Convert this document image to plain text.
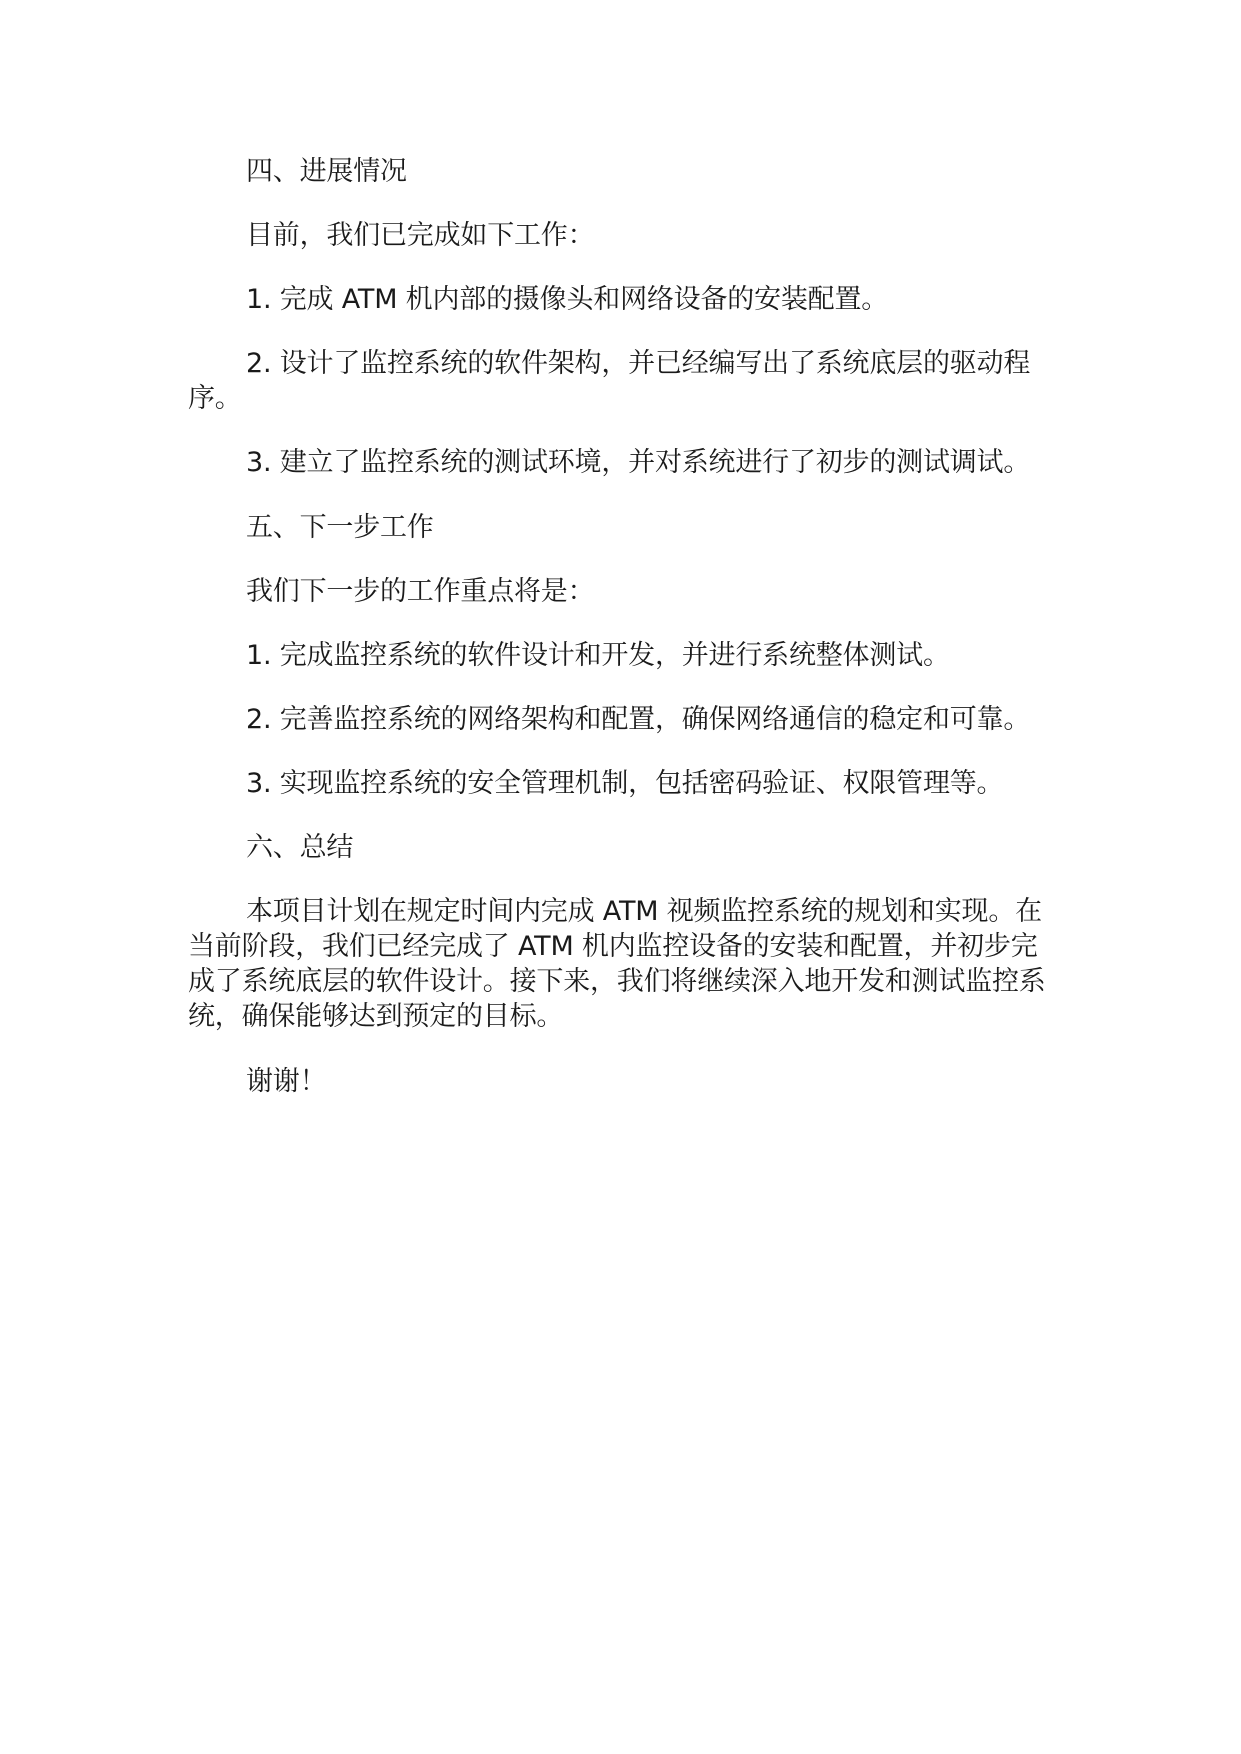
四、进展情况

目前，我们已完成如下工作：

1. 完成 ATM 机内部的摄像头和网络设备的安装配置。

2. 设计了监控系统的软件架构，并已经编写出了系统底层的驱动程序。

3. 建立了监控系统的测试环境，并对系统进行了初步的测试调试。

五、下一步工作

我们下一步的工作重点将是：

1. 完成监控系统的软件设计和开发，并进行系统整体测试。

2. 完善监控系统的网络架构和配置，确保网络通信的稳定和可靠。

3. 实现监控系统的安全管理机制，包括密码验证、权限管理等。

六、总结

本项目计划在规定时间内完成 ATM 视频监控系统的规划和实现。在当前阶段，我们已经完成了 ATM 机内监控设备的安装和配置，并初步完成了系统底层的软件设计。接下来，我们将继续深入地开发和测试监控系统，确保能够达到预定的目标。

谢谢！
